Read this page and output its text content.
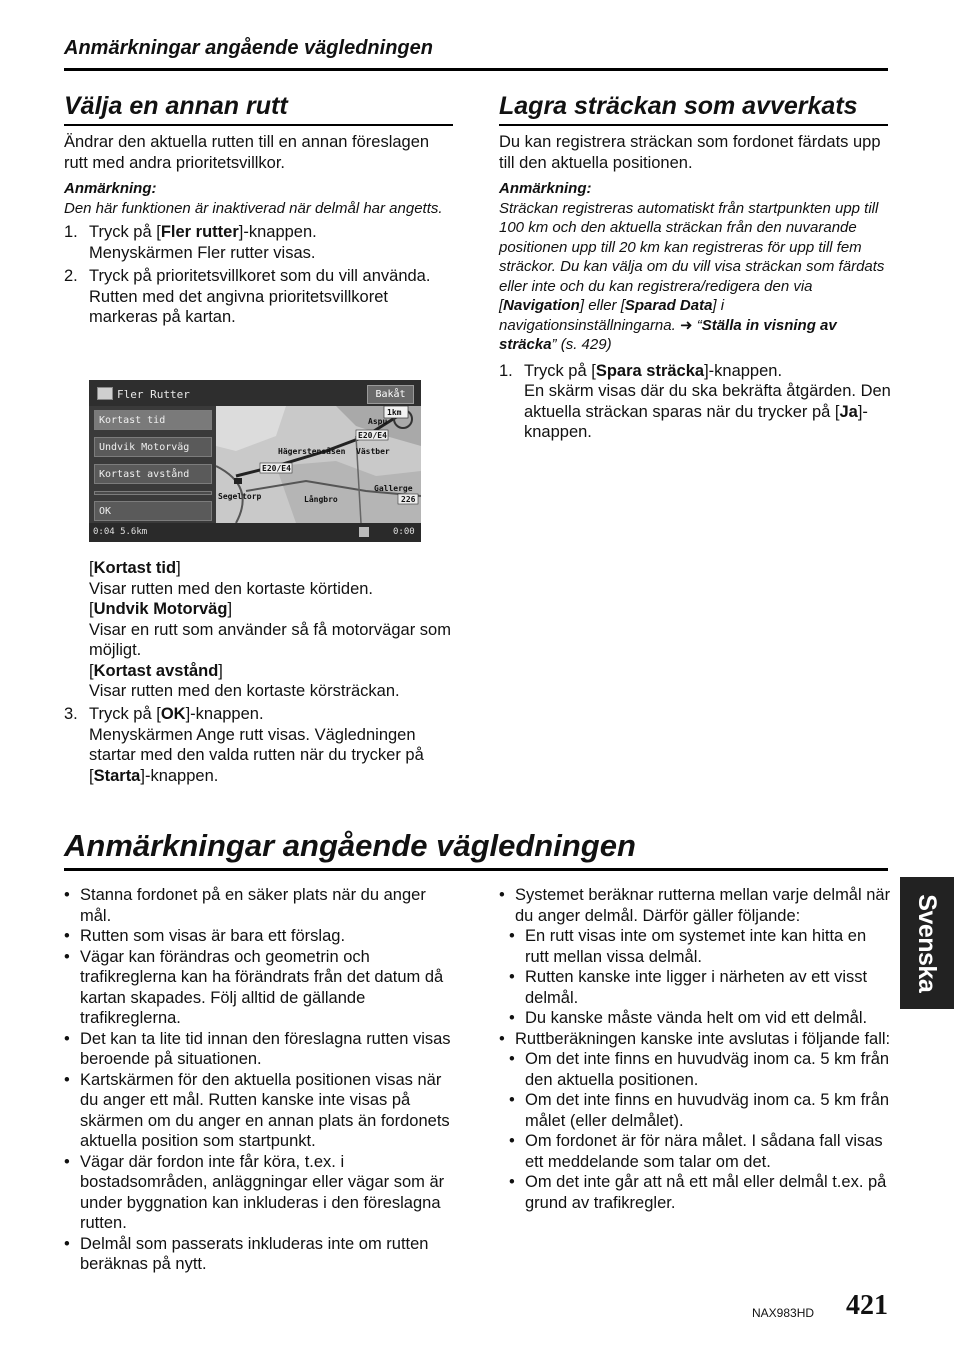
Anmärkningar angående vägledningen
Välja en annan rutt

Ändrar den aktuella rutten till en annan föreslagen rutt med andra prioritetsvillkor.

Anmärkning:

Den här funktionen är inaktiverad när delmål har angetts.

1. Tryck på [Fler rutter]-knappen.
Menyskärmen Fler rutter visas.
2. Tryck på prioritetsvillkoret som du vill använda.

Rutten med det angivna prioritetsvillkoret markeras på kartan.

Fler Rutter	Bakåt
Kortast tid
Undvik Motorväg
Kortast avstånd
OK
1km
Aspu
E20/E4
Hägerstensåsen Västber
E20/E4
Segeltorp	Långbro
Gallerge
226
0:04 5.6km	0:00

[Kortast tid]

Visar rutten med den kortaste körtiden.

[Undvik Motorväg]

Visar en rutt som använder så få motorvägar som möjligt.

[Kortast avstånd]

Visar rutten med den kortaste körsträckan.

3. Tryck på [OK]-knappen.
Menyskärmen Ange rutt visas. Vägledningen startar med den valda rutten när du trycker på [Starta]-knappen.
Lagra sträckan som avverkats

Du kan registrera sträckan som fordonet färdats upp till den aktuella positionen.

Anmärkning:

Sträckan registreras automatiskt från startpunkten upp till 100 km och den aktuella sträckan från den nuvarande positionen upp till 20 km kan registreras för upp till fem sträckor. Du kan välja om du vill visa sträckan som färdats eller inte och du kan registrera/redigera den via [Navigation] eller [Sparad Data] i navigationsinställningarna. ➜ “Ställa in visning av sträcka” (s. 429)

1. Tryck på [Spara sträcka]-knappen.
En skärm visas där du ska bekräfta åtgärden. Den aktuella sträckan sparas när du trycker på [Ja]-knappen.
Anmärkningar angående vägledningen
• Stanna fordonet på en säker plats när du anger mål.
• Rutten som visas är bara ett förslag.
• Vägar kan förändras och geometrin och trafikreglerna kan ha förändrats från det datum då kartan skapades. Följ alltid de gällande trafikreglerna.
• Det kan ta lite tid innan den föreslagna rutten visas beroende på situationen.
• Kartskärmen för den aktuella positionen visas när du anger ett mål. Rutten kanske inte visas på skärmen om du anger en annan plats än fordonets aktuella position som startpunkt.
• Vägar där fordon inte får köra, t.ex. i bostadsområden, anläggningar eller vägar som är under byggnation kan inkluderas i den föreslagna rutten.
• Delmål som passerats inkluderas inte om rutten beräknas på nytt.
• Systemet beräknar rutterna mellan varje delmål när du anger delmål. Därför gäller följande:
• En rutt visas inte om systemet inte kan hitta en rutt mellan vissa delmål.
• Rutten kanske inte ligger i närheten av ett visst delmål.
• Du kanske måste vända helt om vid ett delmål.
• Ruttberäkningen kanske inte avslutas i följande fall:
• Om det inte finns en huvudväg inom ca. 5 km från den aktuella positionen.
• Om det inte finns en huvudväg inom ca. 5 km från målet (eller delmålet).
• Om fordonet är för nära målet. I sådana fall visas ett meddelande som talar om det.
• Om det inte går att nå ett mål eller delmål t.ex. på grund av trafikregler.
Svenska
NAX983HD 421
